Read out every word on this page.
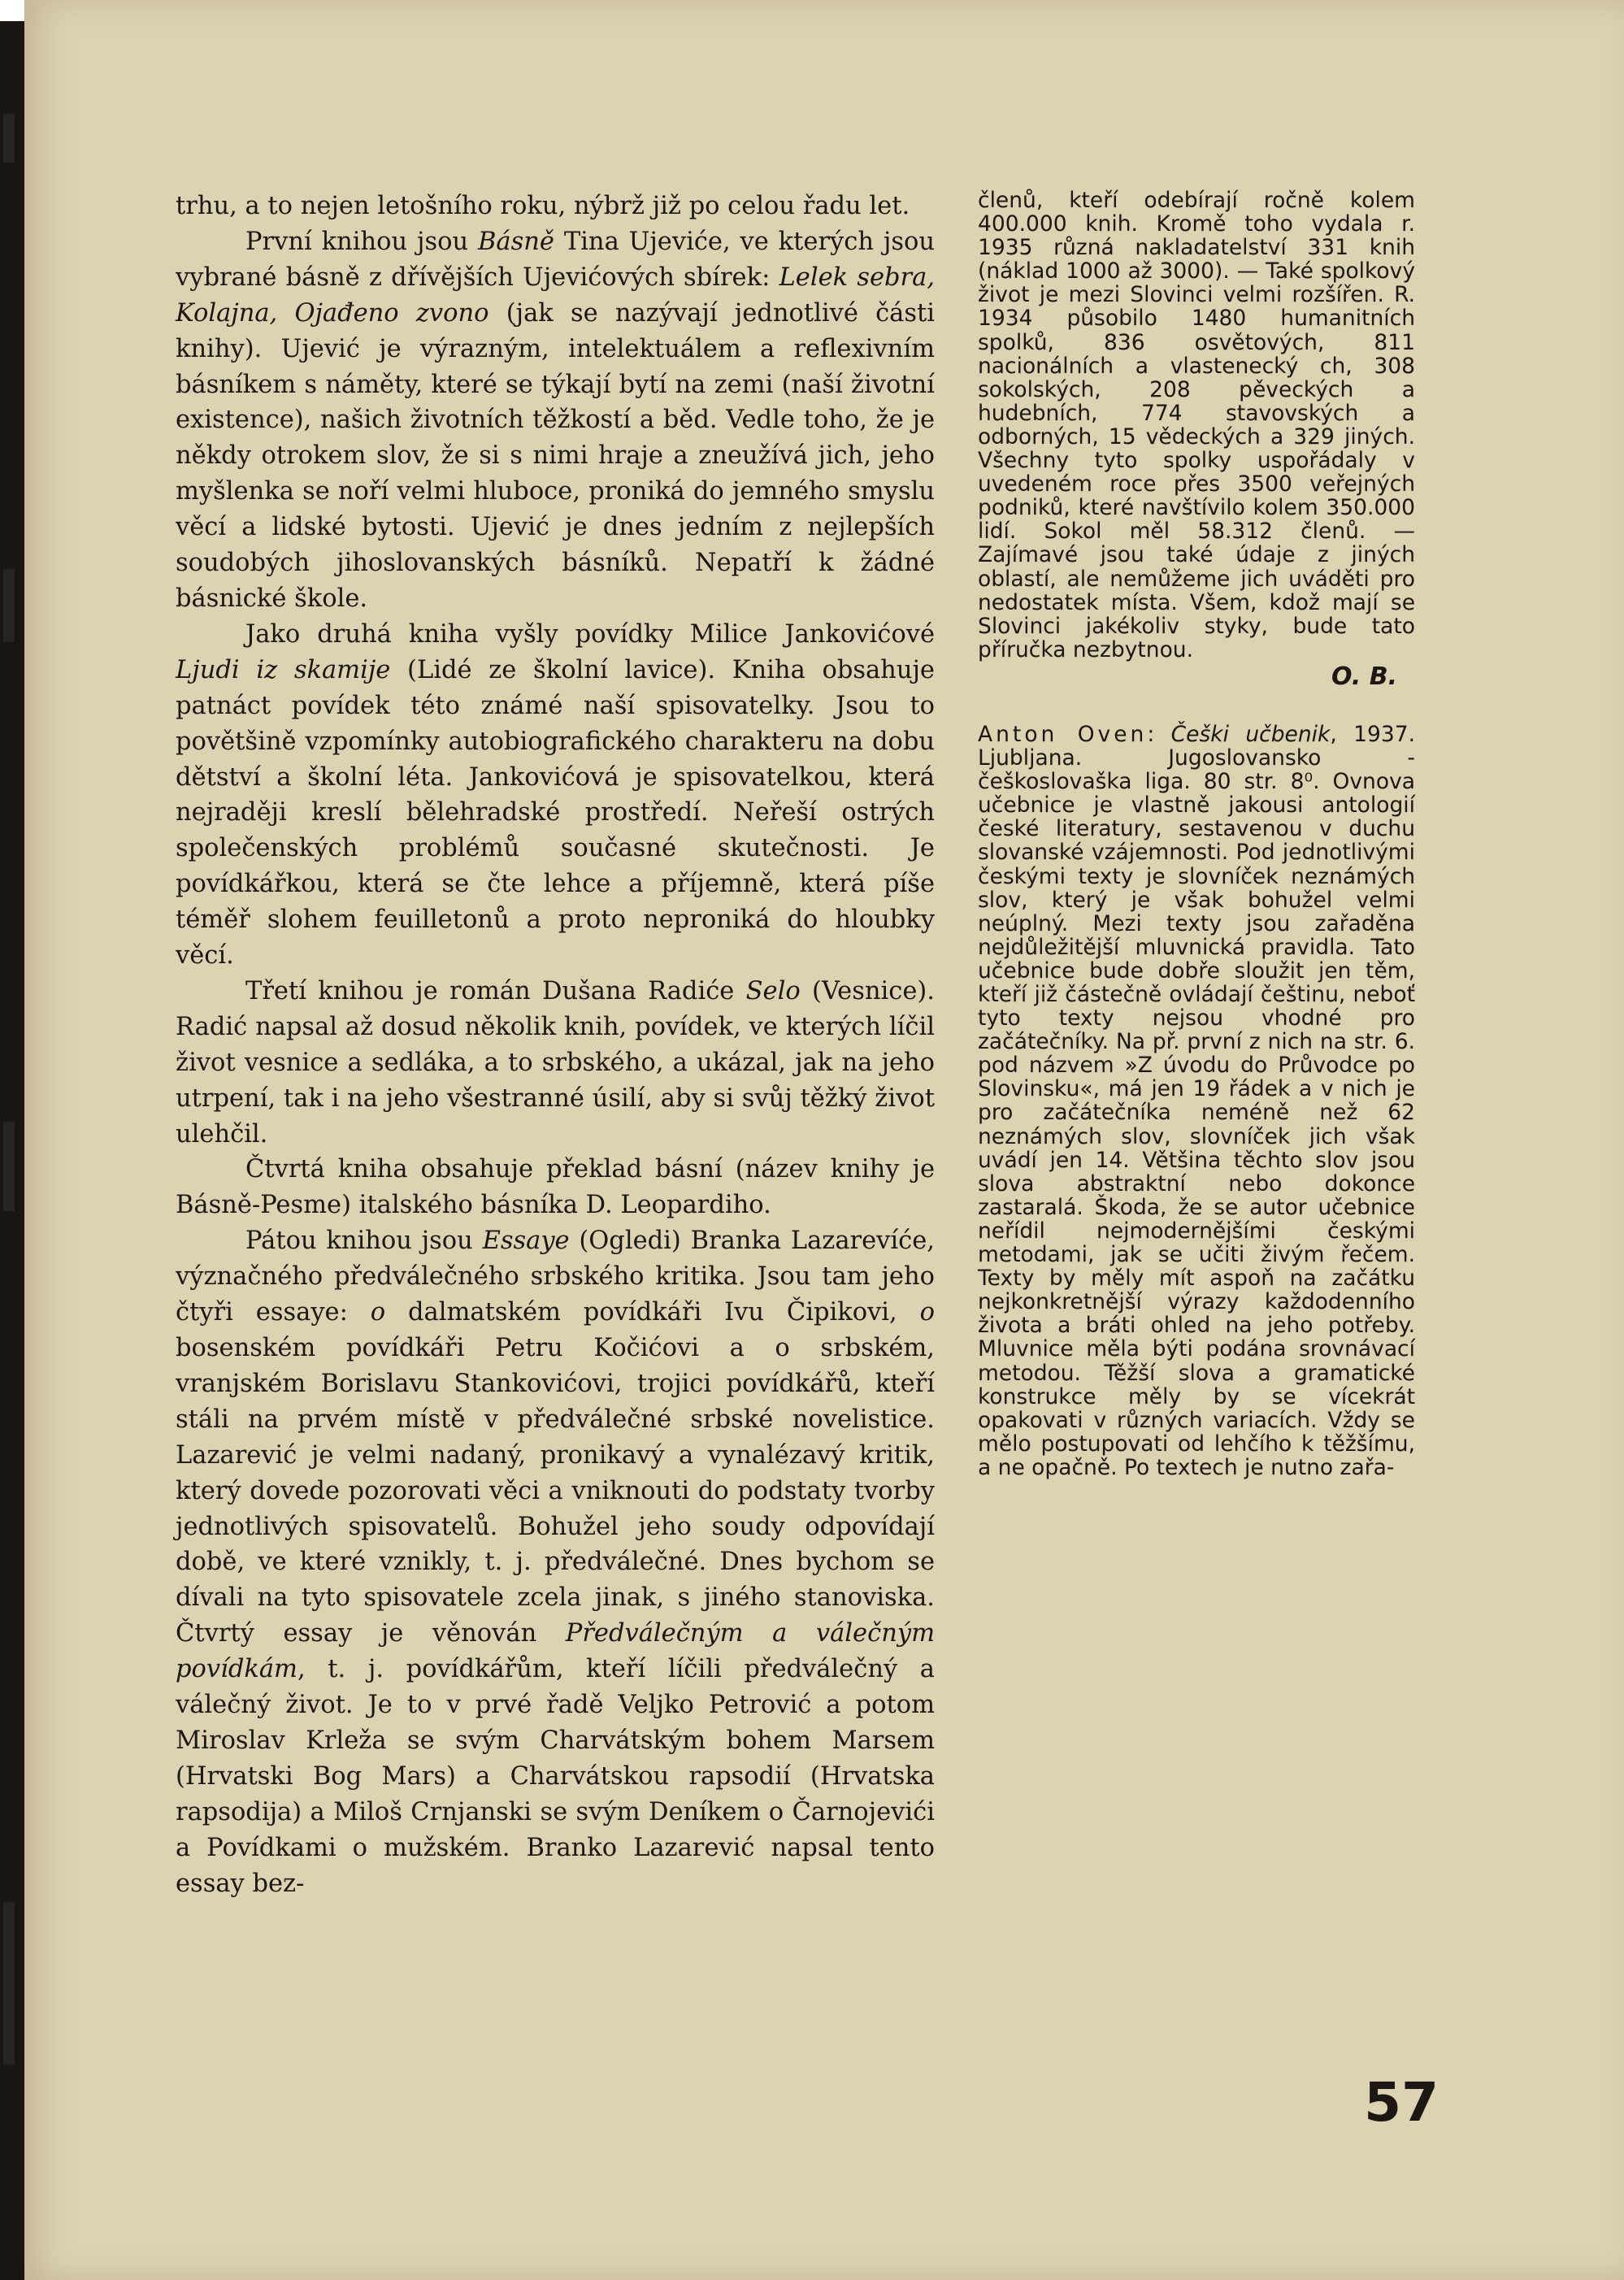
trhu, a to nejen letošního roku, nýbrž již po celou řadu let.

První knihou jsou Básně Tina Ujeviće, ve kterých jsou vybrané básně z dřívějších Ujevićových sbírek: Lelek sebra, Kolajna, Ojađeno zvono (jak se nazývají jednotlivé části knihy). Ujević je výrazným, intelektuálem a reflexivním básníkem s náměty, které se týkají bytí na zemi (naší životní existence), našich životních těžkostí a běd. Vedle toho, že je někdy otrokem slov, že si s nimi hraje a zneužívá jich, jeho myšlenka se noří velmi hluboce, proniká do jemného smyslu věcí a lidské bytosti. Ujević je dnes jedním z nejlepších soudobých jihoslovanských básníků. Nepatří k žádné básnické škole.

Jako druhá kniha vyšly povídky Milice Jankovićové Ljudi iz skamije (Lidé ze školní lavice). Kniha obsahuje patnáct povídek této známé naší spisovatelky. Jsou to povětšině vzpomínky autobiografického charakteru na dobu dětství a školní léta. Jankovićová je spisovatelkou, která nejraději kreslí bělehradské prostředí. Neřeší ostrých společenských problémů současné skutečnosti. Je povídkářkou, která se čte lehce a příjemně, která píše téměř slohem feuilletonů a proto neproniká do hloubky věcí.

Třetí knihou je román Dušana Radiće Selo (Vesnice). Radić napsal až dosud několik knih, povídek, ve kterých líčil život vesnice a sedláka, a to srbského, a ukázal, jak na jeho utrpení, tak i na jeho všestranné úsilí, aby si svůj těžký život ulehčil.

Čtvrtá kniha obsahuje překlad básní (název knihy je Básně-Pesme) italského básníka D. Leopardiho.

Pátou knihou jsou Essaye (Ogledi) Branka Lazarevíće, význačného předválečného srbského kritika. Jsou tam jeho čtyři essaye: o dalmatském povídkáři Ivu Čipikovi, o bosenském povídkáři Petru Kočićovi a o srbském, vranjském Borislavu Stankovićovi, trojici povídkářů, kteří stáli na prvém místě v předválečné srbské novelistice. Lazarević je velmi nadaný, pronikavý a vynalézavý kritik, který dovede pozorovati věci a vniknouti do podstaty tvorby jednotlivých spisovatelů. Bohužel jeho soudy odpovídají době, ve které vznikly, t. j. předválečné. Dnes bychom se dívali na tyto spisovatele zcela jinak, s jiného stanoviska. Čtvrtý essay je věnován Předválečným a válečným povídkám, t. j. povídkářům, kteří líčili předválečný a válečný život. Je to v prvé řadě Veljko Petrović a potom Miroslav Krleža se svým Charvátským bohem Marsem (Hrvatski Bog Mars) a Charvátskou rapsodií (Hrvatska rapsodija) a Miloš Crnjanski se svým Deníkem o Čarnojevići a Povídkami o mužském. Branko Lazarević napsal tento essay bez-

členů, kteří odebírají ročně kolem 400.000 knih. Kromě toho vydala r. 1935 různá nakladatelství 331 knih (náklad 1000 až 3000). — Také spolkový život je mezi Slovinci velmi rozšířen. R. 1934 působilo 1480 humanitních spolků, 836 osvětových, 811 nacionálních a vlastenecký ch, 308 sokolských, 208 pěveckých a hudebních, 774 stavovských a odborných, 15 vědeckých a 329 jiných. Všechny tyto spolky uspořádaly v uvedeném roce přes 3500 veřejných podniků, které navštívilo kolem 350.000 lidí. Sokol měl 58.312 členů. — Zajímavé jsou také údaje z jiných oblastí, ale nemůžeme jich uváděti pro nedostatek místa. Všem, kdož mají se Slovinci jakékoliv styky, bude tato příručka nezbytnou.

O. B.

Anton Oven: Češki učbenik, 1937. Ljubljana. Jugoslovansko - češkoslovaška liga. 80 str. 8⁰. Ovnova učebnice je vlastně jakousi antologií české literatury, sestavenou v duchu slovanské vzájemnosti. Pod jednotlivými českými texty je slovníček neznámých slov, který je však bohužel velmi neúplný. Mezi texty jsou zařaděna nejdůležitější mluvnická pravidla. Tato učebnice bude dobře sloužit jen těm, kteří již částečně ovládají češtinu, neboť tyto texty nejsou vhodné pro začátečníky. Na př. první z nich na str. 6. pod názvem »Z úvodu do Průvodce po Slovinsku«, má jen 19 řádek a v nich je pro začátečníka neméně než 62 neznámých slov, slovníček jich však uvádí jen 14. Většina těchto slov jsou slova abstraktní nebo dokonce zastaralá. Škoda, že se autor učebnice neřídil nejmodernějšími českými metodami, jak se učiti živým řečem. Texty by měly mít aspoň na začátku nejkonkretnější výrazy každodenního života a bráti ohled na jeho potřeby. Mluvnice měla býti podána srovnávací metodou. Těžší slova a gramatické konstrukce měly by se vícekrát opakovati v různých variacích. Vždy se mělo postupovati od lehčího k těžšímu, a ne opačně. Po textech je nutno zařa-

57
